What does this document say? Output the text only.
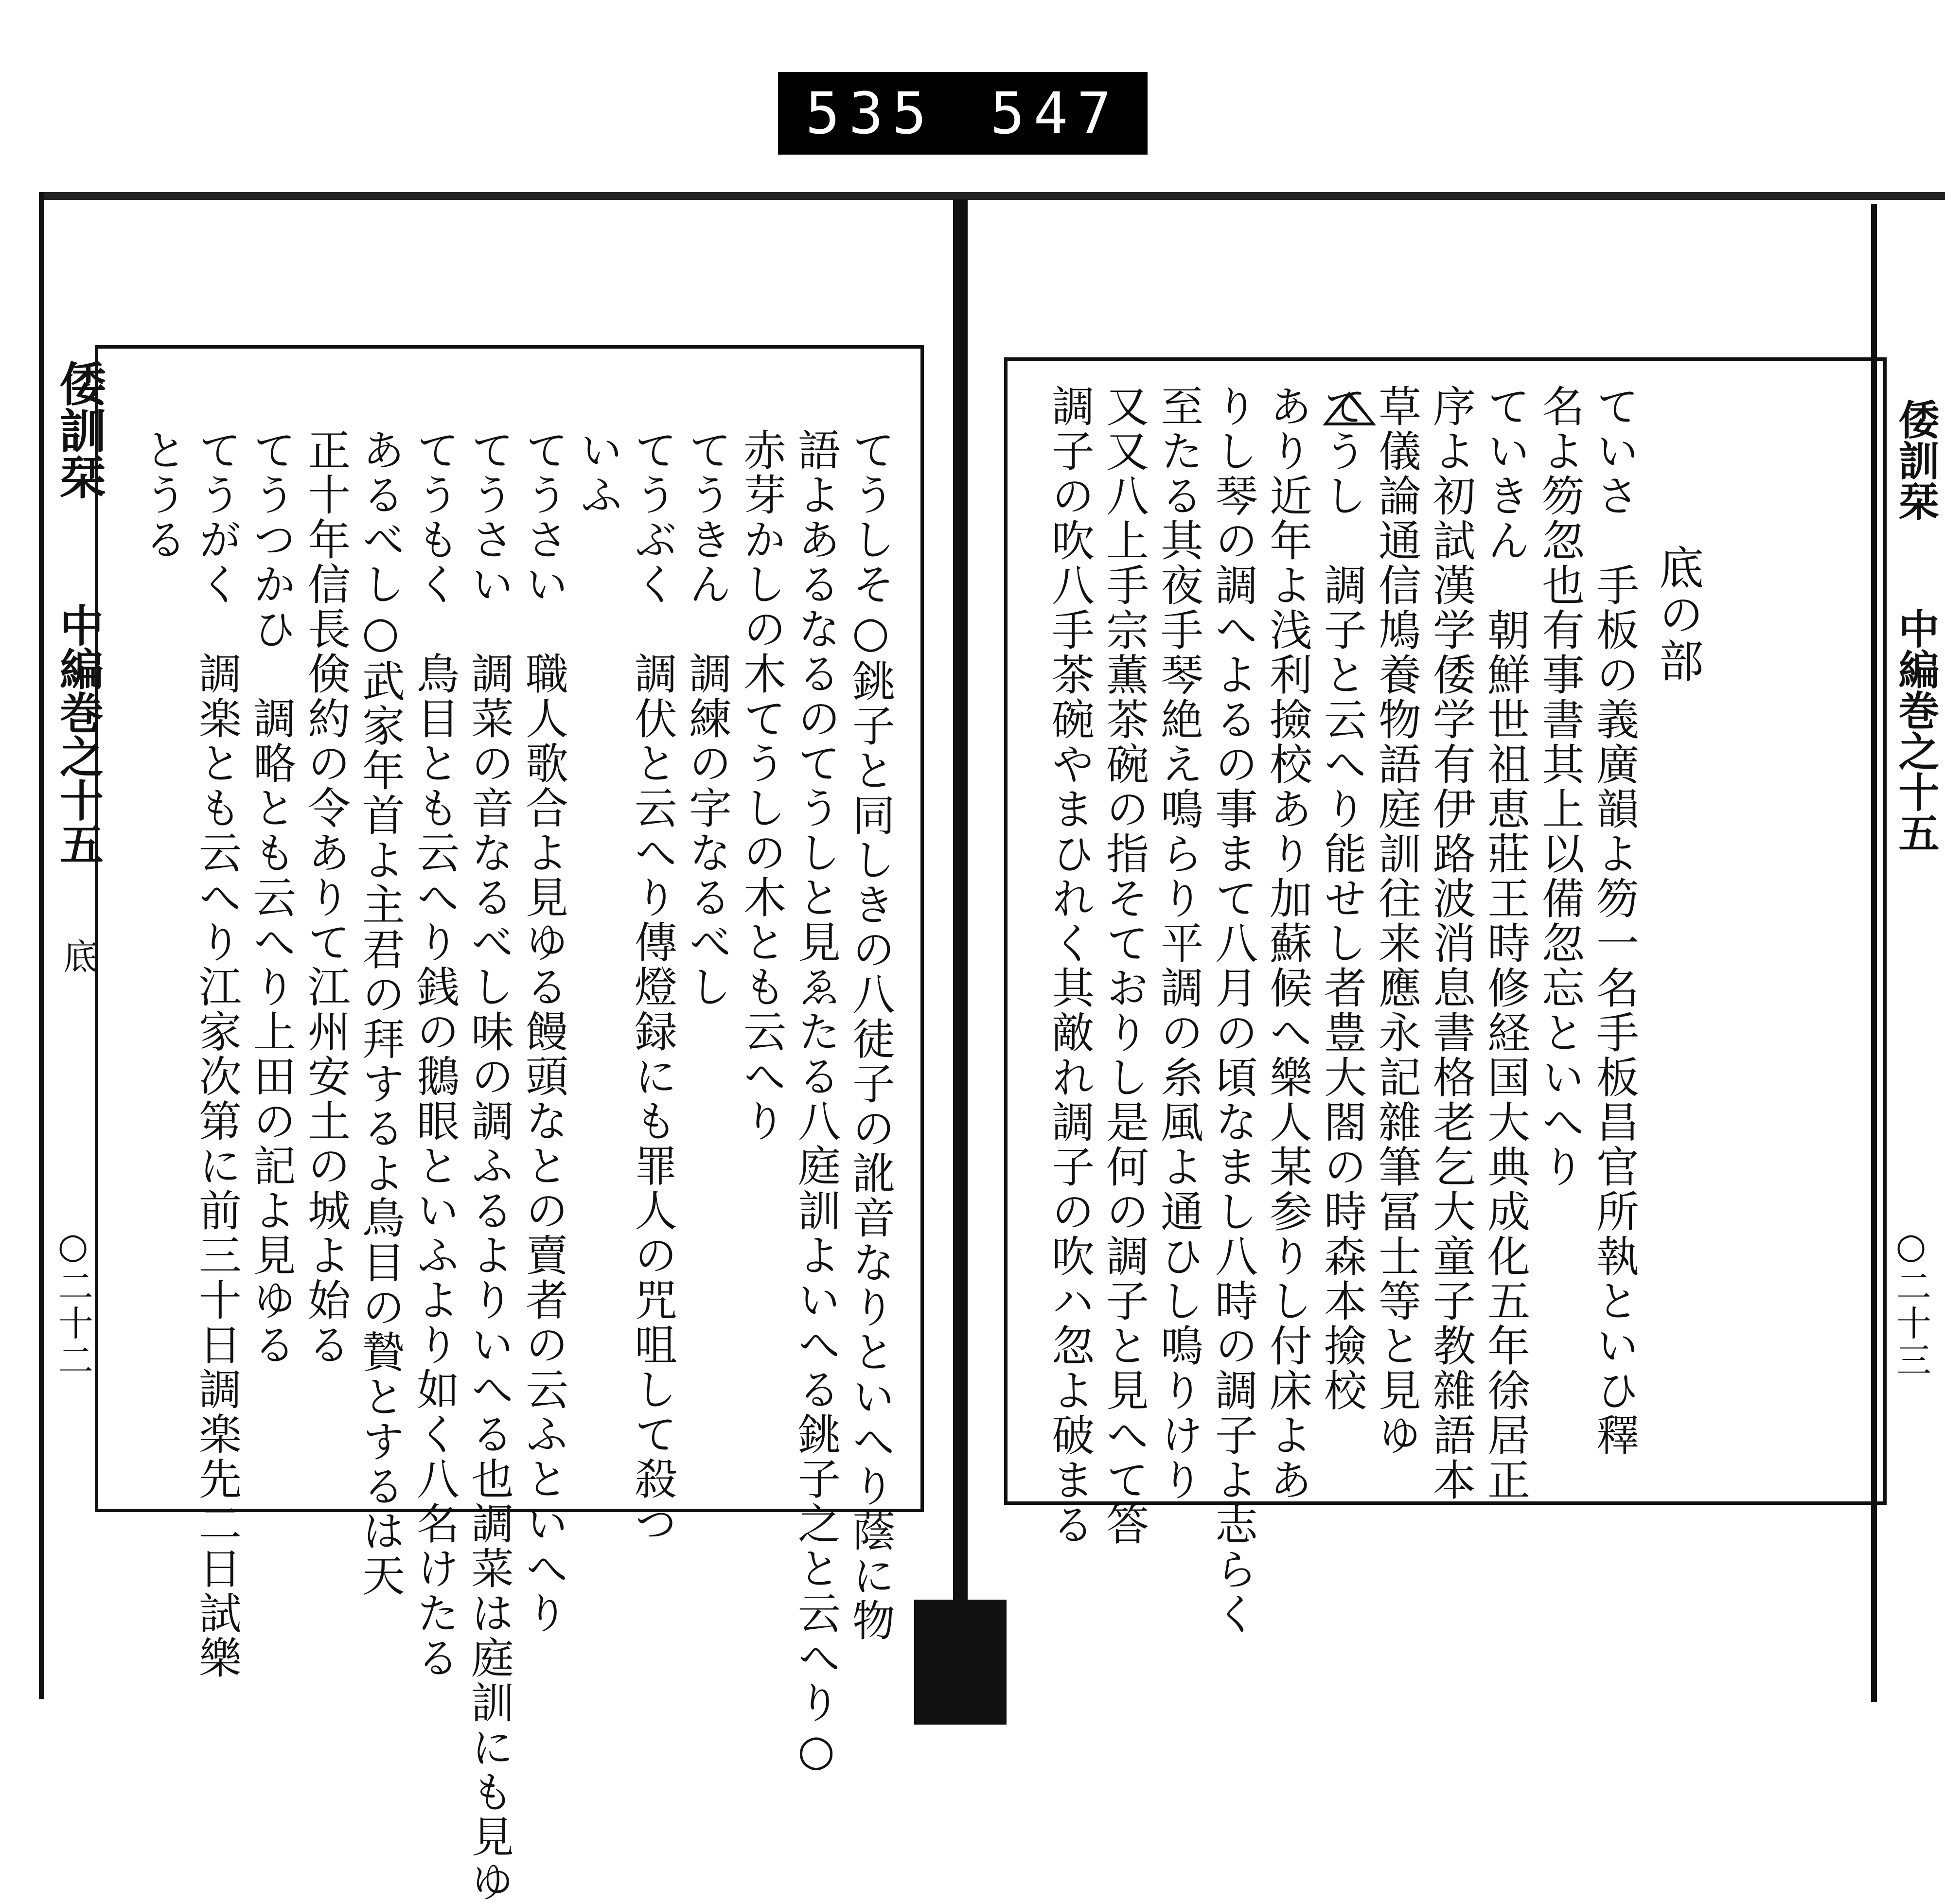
535 547
倭訓栞
中編巻之十五
底
○二十二	てうしそ○銚子と同しきの八徒子の訛音なりといへり蔭に物
語よあるなるのてうしと見ゑたる八庭訓よいへる銚子之と云へり○
赤芽かしの木てうしの木とも云へり
てうきん　調練の字なるべし
てうぶく　調伏と云へり傳燈録にも罪人の咒咀して殺つ
いふ
てうさい　職人歌合よ見ゆる饅頭なとの賣者の云ふといへり
てうさい　調菜の音なるべし味の調ふるよりいへる也調菜は庭訓にも見ゆ
てうもく　鳥目とも云へり銭の鵝眼といふより如く八名けたる
あるべし○武家年首よ主君の拜するよ鳥目の贄とするは天
正十年信長倹約の令ありて江州安土の城よ始る
てうつかひ　調略とも云へり上田の記よ見ゆる
てうがく　調楽とも云へり江家次第に前三十日調楽先二日試樂
とうる	倭訓栞
中編巻之十五
○二十三
底の部
ていさ　手板の義廣韻よ笏一名手板昌官所執といひ釋
名よ笏忽也有事書其上以備忽忘といへり
ていきん　朝鮮世祖恵莊王時修経国大典成化五年徐居正
序よ初試漢学倭学有伊路波消息書格老乞大童子教雜語本
草儀論通信鳩養物語庭訓往来應永記雜筆冨士等と見ゆ
てうし　調子と云へり能せし者豊大閤の時森本撿校
あり近年よ浅利撿校あり加蘇候へ樂人某参りし付床よあ
りし琴の調へよるの事まて八月の頃なまし八時の調子よ志らく
至たる其夜手琴絶え鳴らり平調の糸風よ通ひし鳴りけり
又又八上手宗薫茶碗の指そておりし是何の調子と見へて答
調子の吹八手茶碗やまひれく其敵れ調子の吹ハ忽よ破まる
